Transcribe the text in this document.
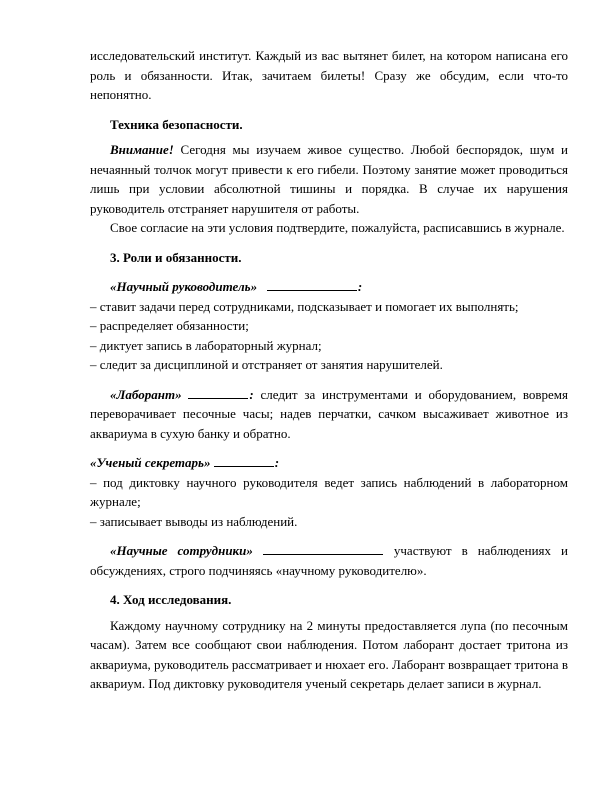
исследовательский институт. Каждый из вас вытянет билет, на котором написана его роль и обязанности. Итак, зачитаем билеты! Сразу же обсудим, если что-то непонятно.

Техника безопасности.

Внимание! Сегодня мы изучаем живое существо. Любой беспорядок, шум и нечаянный толчок могут привести к его гибели. Поэтому занятие может проводиться лишь при условии абсолютной тишины и порядка. В случае их нарушения руководитель отстраняет нарушителя от работы.

Свое согласие на эти условия подтвердите, пожалуйста, расписавшись в журнале.

3. Роли и обязанности.

«Научный руководитель»	:

– ставит задачи перед сотрудниками, подсказывает и помогает их выполнять;

– распределяет обязанности;

– диктует запись в лабораторный журнал;

– следит за дисциплиной и отстраняет от занятия нарушителей.

«Лаборант»	: следит за инструментами и оборудованием, вовремя переворачивает песочные часы; надев перчатки, сачком высаживает животное из аквариума в сухую банку и обратно.

«Ученый секретарь»	:

– под диктовку научного руководителя ведет запись наблюдений в лабораторном журнале;

– записывает выводы из наблюдений.

«Научные сотрудники»	участвуют в наблюдениях и обсуждениях, строго подчиняясь «научному руководителю».

4. Ход исследования.

Каждому научному сотруднику на 2 минуты предоставляется лупа (по песочным часам). Затем все сообщают свои наблюдения. Потом лаборант достает тритона из аквариума, руководитель рассматривает и нюхает его. Лаборант возвращает тритона в аквариум. Под диктовку руководителя ученый секретарь делает записи в журнал.
